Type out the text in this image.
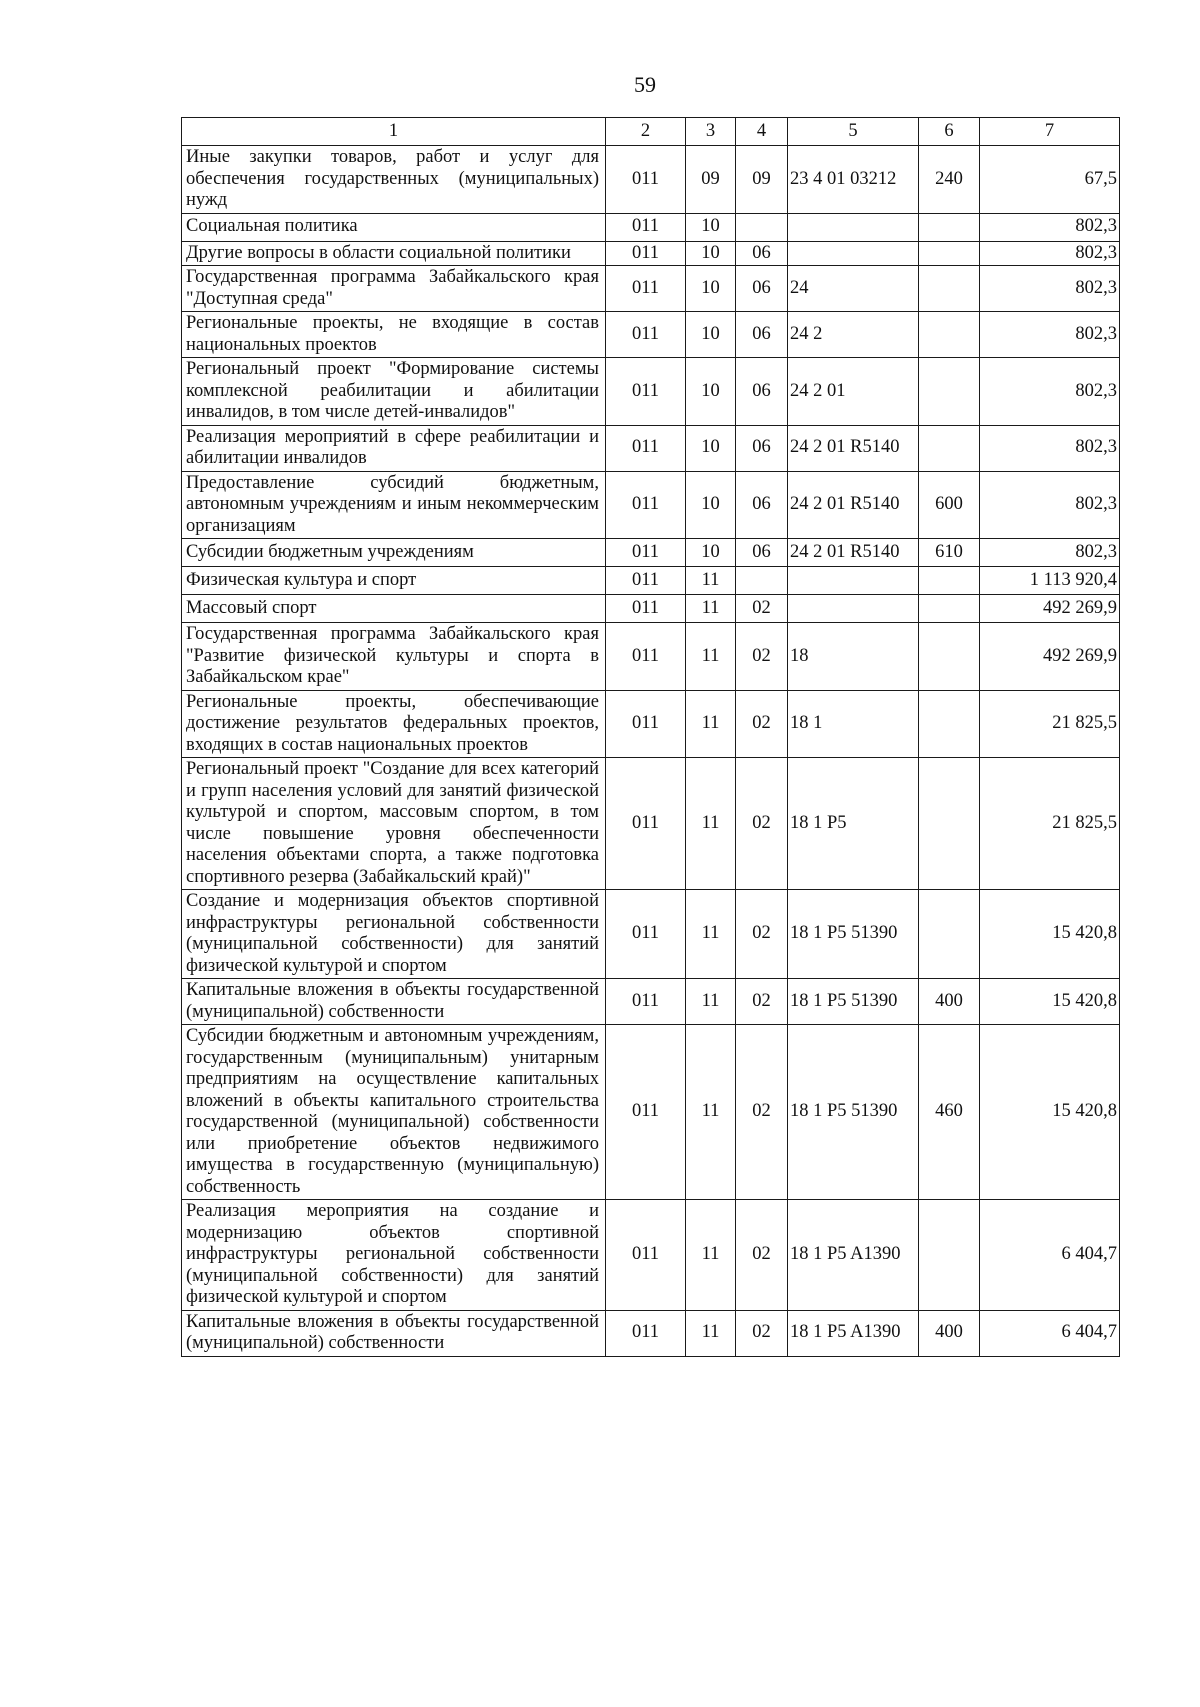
59
1	2	3	4	5	6	7
Иные закупки товаров, работ и услуг для обеспечения государственных (муниципальных) нужд	011	09	09	23 4 01 03212	240	67,5
Социальная политика	011	10				802,3
Другие вопросы в области социальной политики	011	10	06			802,3
Государственная программа Забайкальского края "Доступная среда"	011	10	06	24		802,3
Региональные проекты, не входящие в состав национальных проектов	011	10	06	24 2		802,3
Региональный проект "Формирование системы комплексной реабилитации и абилитации инвалидов, в том числе детей-инвалидов"	011	10	06	24 2 01		802,3
Реализация мероприятий в сфере реабилитации и абилитации инвалидов	011	10	06	24 2 01 R5140		802,3
Предоставление субсидий бюджетным, автономным учреждениям и иным некоммерческим организациям	011	10	06	24 2 01 R5140	600	802,3
Субсидии бюджетным учреждениям	011	10	06	24 2 01 R5140	610	802,3
Физическая культура и спорт	011	11				1 113 920,4
Массовый спорт	011	11	02			492 269,9
Государственная программа Забайкальского края "Развитие физической культуры и спорта в Забайкальском крае"	011	11	02	18		492 269,9
Региональные проекты, обеспечивающие достижение результатов федеральных проектов, входящих в состав национальных проектов	011	11	02	18 1		21 825,5
Региональный проект "Создание для всех категорий и групп населения условий для занятий физической культурой и спортом, массовым спортом, в том числе повышение уровня обеспеченности населения объектами спорта, а также подготовка спортивного резерва (Забайкальский край)"	011	11	02	18 1 P5		21 825,5
Создание и модернизация объектов спортивной инфраструктуры региональной собственности (муниципальной собственности) для занятий физической культурой и спортом	011	11	02	18 1 P5 51390		15 420,8
Капитальные вложения в объекты государственной (муниципальной) собственности	011	11	02	18 1 P5 51390	400	15 420,8
Субсидии бюджетным и автономным учреждениям, государственным (муниципальным) унитарным предприятиям на осуществление капитальных вложений в объекты капитального строительства государственной (муниципальной) собственности или приобретение объектов недвижимого имущества в государственную (муниципальную) собственность	011	11	02	18 1 P5 51390	460	15 420,8
Реализация мероприятия на создание и модернизацию объектов спортивной инфраструктуры региональной собственности (муниципальной собственности) для занятий физической культурой и спортом	011	11	02	18 1 P5 A1390		6 404,7
Капитальные вложения в объекты государственной (муниципальной) собственности	011	11	02	18 1 P5 A1390	400	6 404,7
